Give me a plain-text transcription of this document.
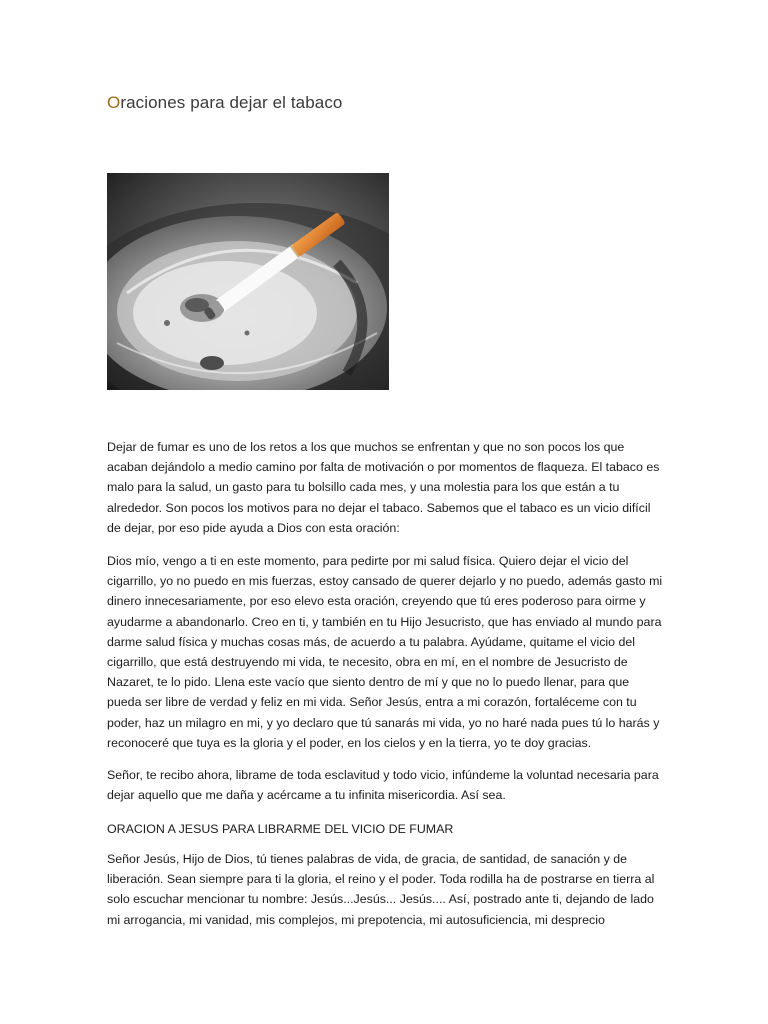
Oraciones para dejar el tabaco

Dejar de fumar es uno de los retos a los que muchos se enfrentan y que no son pocos los que acaban dejándolo a medio camino por falta de motivación o por momentos de flaqueza. El tabaco es malo para la salud, un gasto para tu bolsillo cada mes, y una molestia para los que están a tu alrededor. Son pocos los motivos para no dejar el tabaco. Sabemos que el tabaco es un vicio difícil de dejar, por eso pide ayuda a Dios con esta oración:

Dios mío, vengo a ti en este momento, para pedirte por mi salud física. Quiero dejar el vicio del cigarrillo, yo no puedo en mis fuerzas, estoy cansado de querer dejarlo y no puedo, además gasto mi dinero innecesariamente, por eso elevo esta oración, creyendo que tú eres poderoso para oirme y ayudarme a abandonarlo. Creo en ti, y también en tu Hijo Jesucristo, que has enviado al mundo para darme salud física y muchas cosas más, de acuerdo a tu palabra. Ayúdame, quitame el vicio del cigarrillo, que está destruyendo mi vida, te necesito, obra en mí, en el nombre de Jesucristo de Nazaret, te lo pido. Llena este vacío que siento dentro de mí y que no lo puedo llenar, para que pueda ser libre de verdad y feliz en mi vida. Señor Jesús, entra a mi corazón, fortaléceme con tu poder, haz un milagro en mi, y yo declaro que tú sanarás mi vida, yo no haré nada pues tú lo harás y reconoceré que tuya es la gloria y el poder, en los cielos y en la tierra, yo te doy gracias.

Señor, te recibo ahora, librame de toda esclavitud y todo vicio, infúndeme la voluntad necesaria para dejar aquello que me daña y acércame a tu infinita misericordia. Así sea.

ORACION A JESUS PARA LIBRARME DEL VICIO DE FUMAR

Señor Jesús, Hijo de Dios, tú tienes palabras de vida, de gracia, de santidad, de sanación y de liberación. Sean siempre para ti la gloria, el reino y el poder. Toda rodilla ha de postrarse en tierra al solo escuchar mencionar tu nombre: Jesús...Jesús... Jesús.... Así, postrado ante ti, dejando de lado mi arrogancia, mi vanidad, mis complejos, mi prepotencia, mi autosuficiencia, mi desprecio
